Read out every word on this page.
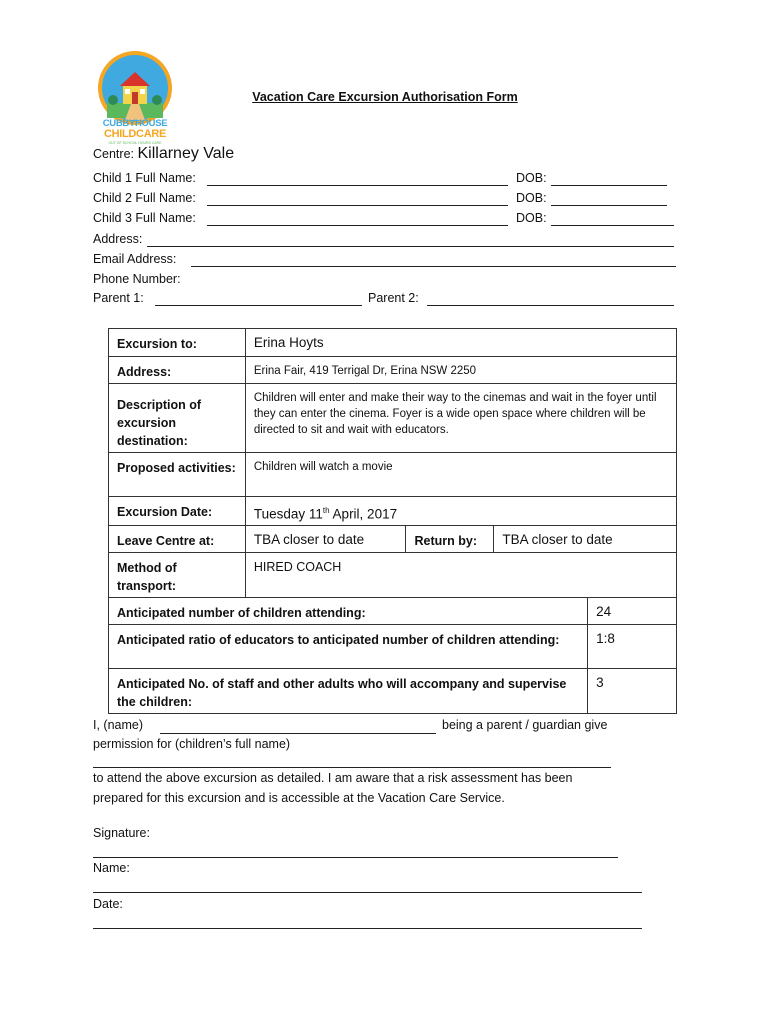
CUBBYHOUSE
CHILDCARE
OUT OF SCHOOL HOURS CARE
Vacation Care Excursion Authorisation Form
Centre: Killarney Vale
Child 1 Full Name:	DOB:
Child 2 Full Name:	DOB:
Child 3 Full Name:	DOB:
Address:
Email Address:
Phone Number:
Parent 1:	Parent 2:
Excursion to:	Erina Hoyts			
Address:	Erina Fair, 419 Terrigal Dr, Erina NSW 2250			
Description of excursion destination:	Children will enter and make their way to the cinemas and wait in the foyer until they can enter the cinema. Foyer is a wide open space where children will be directed to sit and wait with educators.			
Proposed activities:	Children will watch a movie			
Excursion Date:	Tuesday 11th April, 2017			
Leave Centre at:	TBA closer to date	Return by:	TBA closer to date	
Method of transport:	HIRED COACH			
Anticipated number of children attending:				24
Anticipated ratio of educators to anticipated number of children attending:				1:8
Anticipated No. of staff and other adults who will accompany and supervise the children:				3
I, (name)	being a parent / guardian give
permission for (children’s full name)
to attend the above excursion as detailed. I am aware that a risk assessment has been
prepared for this excursion and is accessible at the Vacation Care Service.
Signature:
Name:
Date:
